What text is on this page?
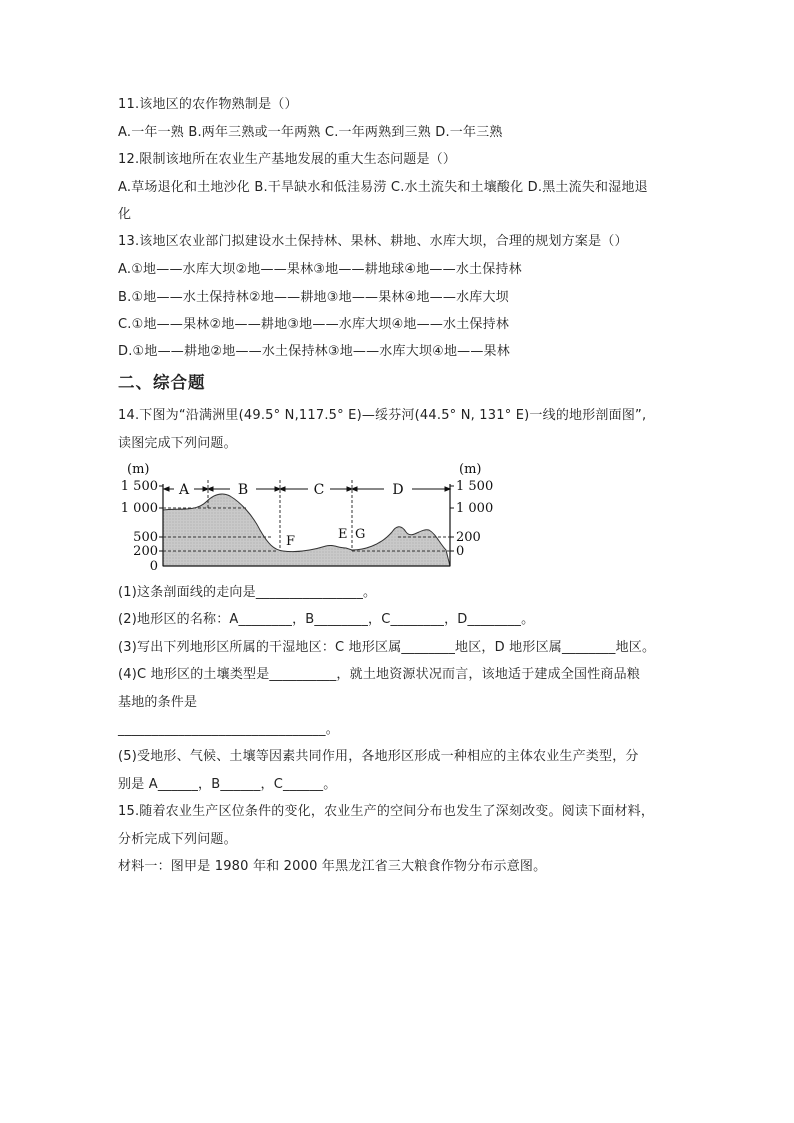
11.该地区的农作物熟制是（）
A.一年一熟 B.两年三熟或一年两熟 C.一年两熟到三熟 D.一年三熟
12.限制该地所在农业生产基地发展的重大生态问题是（）
A.草场退化和土地沙化 B.干旱缺水和低洼易涝 C.水土流失和土壤酸化 D.黑土流失和湿地退
化
13.该地区农业部门拟建设水土保持林、果林、耕地、水库大坝，合理的规划方案是（）
A.①地——水库大坝②地——果林③地——耕地球④地——水土保持林
B.①地——水土保持林②地——耕地③地——果林④地——水库大坝
C.①地——果林②地——耕地③地——水库大坝④地——水土保持林
D.①地——耕地②地——水土保持林③地——水库大坝④地——果林
二、综合题
14.下图为“沿满洲里(49.5° N,117.5° E)—绥芬河(44.5° N, 131° E)一线的地形剖面图”,
读图完成下列问题。
(m)	(m)
1 500
1 000
500
200
0
1 500
1 000
200
0
A	B	C	D
F	E G
(1)这条剖面线的走向是________________。
(2)地形区的名称：A________，B________，C________，D________。
(3)写出下列地形区所属的干湿地区：C 地形区属________地区，D 地形区属________地区。
(4)C 地形区的土壤类型是__________，就土地资源状况而言，该地适于建成全国性商品粮
基地的条件是
_______________________________。
(5)受地形、气候、土壤等因素共同作用，各地形区形成一种相应的主体农业生产类型，分
别是 A______，B______，C______。
15.随着农业生产区位条件的变化，农业生产的空间分布也发生了深刻改变。阅读下面材料，
分析完成下列问题。
材料一：图甲是 1980 年和 2000 年黑龙江省三大粮食作物分布示意图。
